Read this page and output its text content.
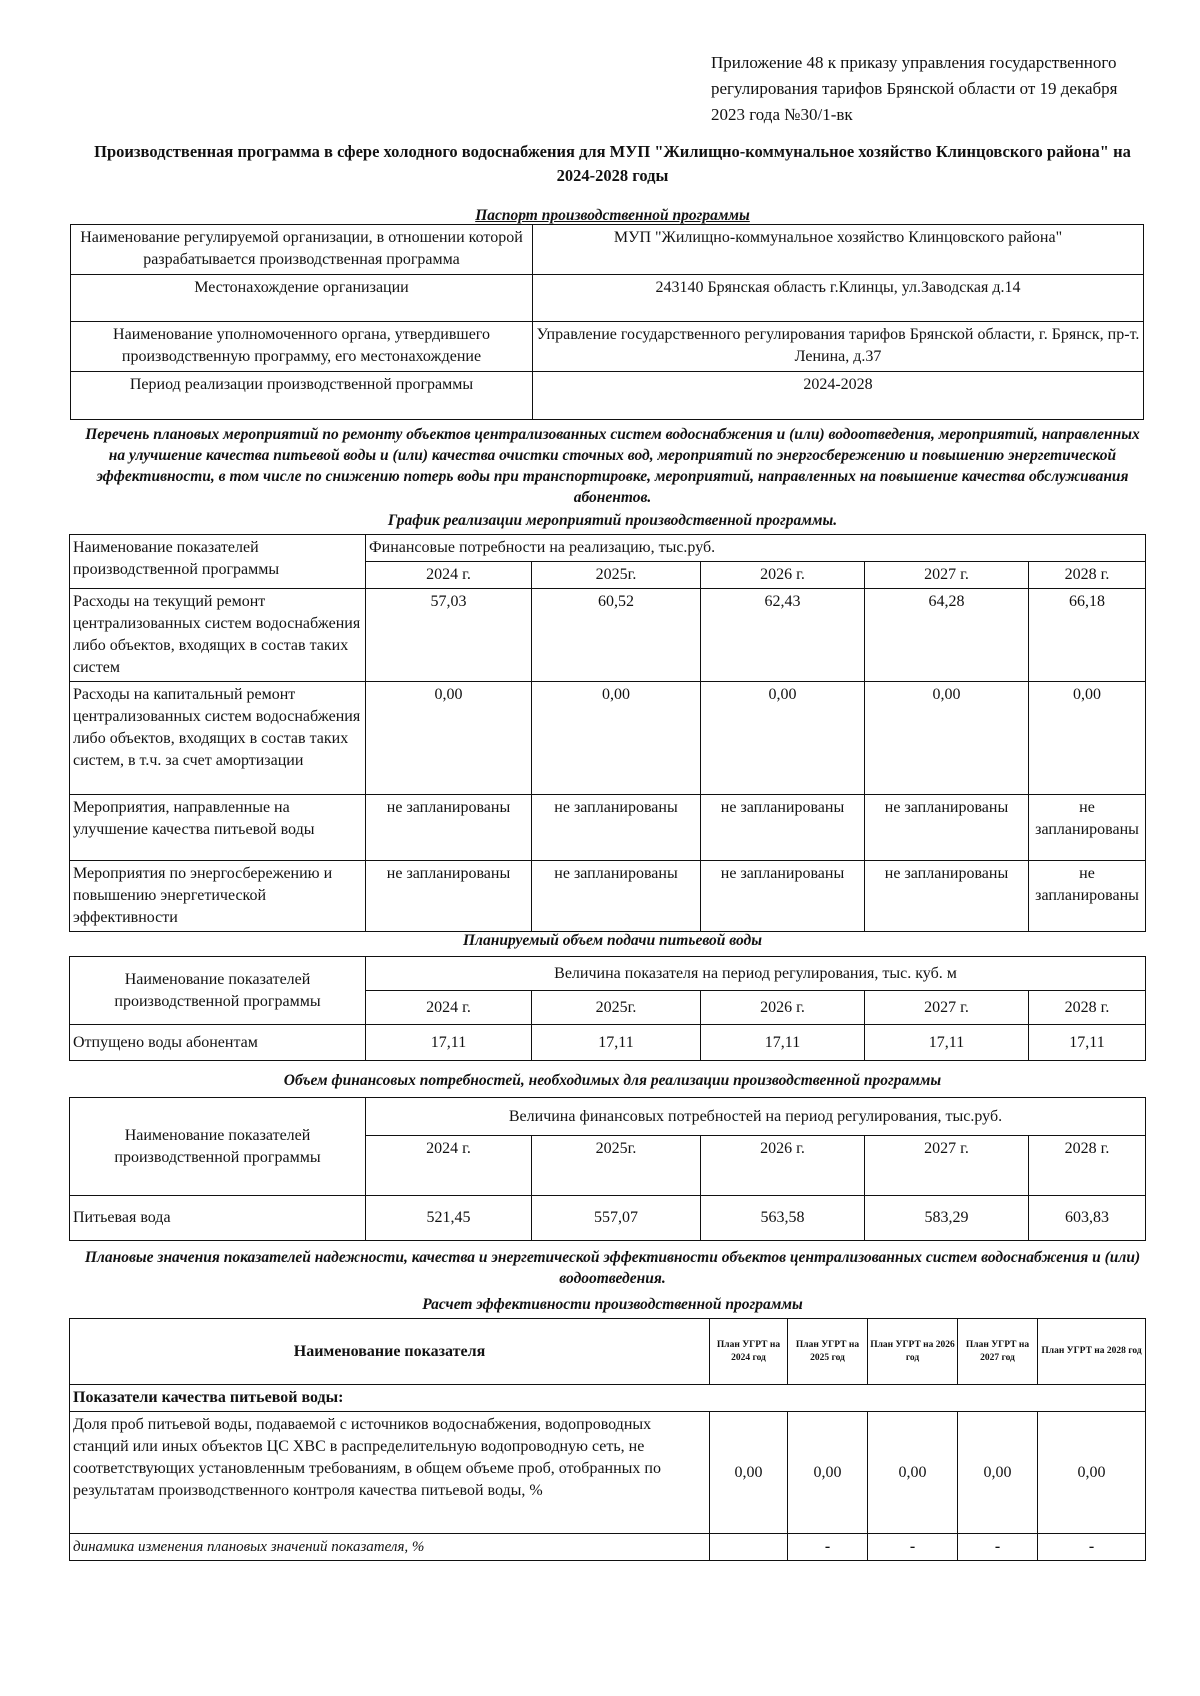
Приложение 48 к приказу управления государственного регулирования тарифов Брянской области от 19 декабря 2023 года №30/1-вк
Производственная программа в сфере холодного водоснабжения для МУП "Жилищно-коммунальное хозяйство Клинцовского района" на 2024-2028 годы
Паспорт производственной программы
Наименование регулируемой организации, в отношении которой разрабатывается производственная программа	МУП "Жилищно-коммунальное хозяйство Клинцовского района"
Местонахождение организации	243140 Брянская область г.Клинцы, ул.Заводская д.14
Наименование уполномоченного органа, утвердившего производственную программу, его местонахождение	Управление государственного регулирования тарифов Брянской области, г. Брянск, пр-т. Ленина, д.37
Период реализации производственной программы	2024-2028
Перечень плановых мероприятий по ремонту объектов централизованных систем водоснабжения и (или) водоотведения, мероприятий, направленных на улучшение качества питьевой воды и (или) качества очистки сточных вод, мероприятий по энергосбережению и повышению энергетической эффективности, в том числе по снижению потерь воды при транспортировке, мероприятий, направленных на повышение качества обслуживания абонентов.
График реализации мероприятий производственной программы.
Наименование показателей производственной программы	Финансовые потребности на реализацию, тыс.руб.				
	2024 г.	2025г.	2026 г.	2027 г.	2028 г.
Расходы на текущий ремонт централизованных систем водоснабжения либо объектов, входящих в состав таких систем	57,03	60,52	62,43	64,28	66,18
Расходы на капитальный ремонт централизованных систем водоснабжения либо объектов, входящих в состав таких систем, в т.ч. за счет амортизации	0,00	0,00	0,00	0,00	0,00
Мероприятия, направленные на улучшение качества питьевой воды	не запланированы	не запланированы	не запланированы	не запланированы	не запланированы
Мероприятия по энергосбережению и повышению энергетической эффективности	не запланированы	не запланированы	не запланированы	не запланированы	не запланированы
Планируемый объем подачи питьевой воды
Наименование показателей производственной программы	Величина показателя на период регулирования, тыс. куб. м				
	2024 г.	2025г.	2026 г.	2027 г.	2028 г.
Отпущено воды абонентам	17,11	17,11	17,11	17,11	17,11
Объем финансовых потребностей, необходимых для реализации производственной программы
Наименование показателей производственной программы	Величина финансовых потребностей на период регулирования, тыс.руб.				
	2024 г.	2025г.	2026 г.	2027 г.	2028 г.
Питьевая вода	521,45	557,07	563,58	583,29	603,83
Плановые значения показателей надежности, качества и энергетической эффективности объектов централизованных систем водоснабжения и (или) водоотведения.
Расчет эффективности производственной программы
Наименование показателя	План УГРТ на 2024 год	План УГРТ на 2025 год	План УГРТ на 2026 год	План УГРТ на 2027 год	План УГРТ на 2028 год
Показатели качества питьевой воды:					
Доля проб питьевой воды, подаваемой с источников водоснабжения, водопроводных станций или иных объектов ЦС ХВС в распределительную водопроводную сеть, не соответствующих установленным требованиям, в общем объеме проб, отобранных по результатам производственного контроля качества питьевой воды, %	0,00	0,00	0,00	0,00	0,00
динамика изменения плановых значений показателя, %		-	-	-	-
